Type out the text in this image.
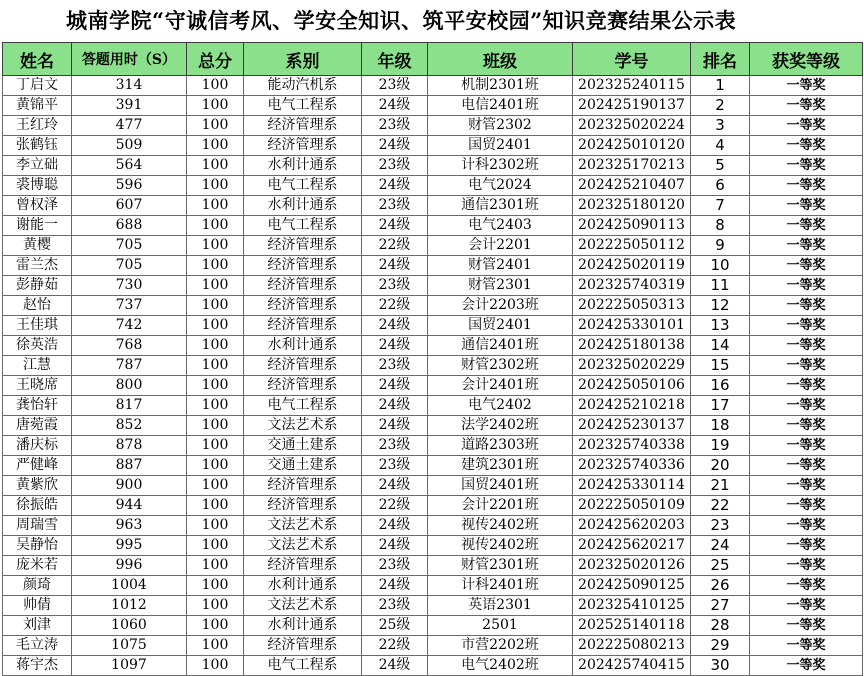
城南学院“守诚信考风、学安全知识、筑平安校园”知识竞赛结果公示表
姓名	答题用时（S）	总分	系别	年级	班级	学号	排名	获奖等级
丁启文	314	100	能动汽机系	23级	机制2301班	202325240115	1	一等奖
黄锦平	391	100	电气工程系	24级	电信2401班	202425190137	2	一等奖
王红玲	477	100	经济管理系	23级	财管2302	202325020224	3	一等奖
张鹤钰	509	100	经济管理系	24级	国贸2401	202425010120	4	一等奖
李立础	564	100	水利计通系	23级	计科2302班	202325170213	5	一等奖
裘博聪	596	100	电气工程系	24级	电气2024	202425210407	6	一等奖
曾权泽	607	100	水利计通系	23级	通信2301班	202325180120	7	一等奖
谢能一	688	100	电气工程系	24级	电气2403	202425090113	8	一等奖
黄樱	705	100	经济管理系	22级	会计2201	202225050112	9	一等奖
雷兰杰	705	100	经济管理系	24级	财管2401	202425020119	10	一等奖
彭静茹	730	100	经济管理系	23级	财管2301	202325740319	11	一等奖
赵怡	737	100	经济管理系	22级	会计2203班	202225050313	12	一等奖
王佳琪	742	100	经济管理系	24级	国贸2401	202425330101	13	一等奖
徐英浩	768	100	水利计通系	24级	通信2401班	202425180138	14	一等奖
江慧	787	100	经济管理系	23级	财管2302班	202325020229	15	一等奖
王晓席	800	100	经济管理系	24级	会计2401班	202425050106	16	一等奖
龚怡轩	817	100	电气工程系	24级	电气2402	202425210218	17	一等奖
唐菀霞	852	100	文法艺术系	24级	法学2402班	202425230137	18	一等奖
潘庆标	878	100	交通土建系	23级	道路2303班	202325740338	19	一等奖
严健峰	887	100	交通土建系	23级	建筑2301班	202325740336	20	一等奖
黄紫欣	900	100	经济管理系	24级	国贸2401班	202425330114	21	一等奖
徐振皓	944	100	经济管理系	22级	会计2201班	202225050109	22	一等奖
周瑞雪	963	100	文法艺术系	24级	视传2402班	202425620203	23	一等奖
吴静怡	995	100	文法艺术系	24级	视传2402班	202425620217	24	一等奖
庞米若	996	100	经济管理系	23级	财管2301班	202325020126	25	一等奖
颜琦	1004	100	水利计通系	24级	计科2401班	202425090125	26	一等奖
帅倩	1012	100	文法艺术系	23级	英语2301	202325410125	27	一等奖
刘津	1060	100	水利计通系	25级	2501	202525140118	28	一等奖
毛立涛	1075	100	经济管理系	22级	市营2202班	202225080213	29	一等奖
蒋宇杰	1097	100	电气工程系	24级	电气2402班	202425740415	30	一等奖
